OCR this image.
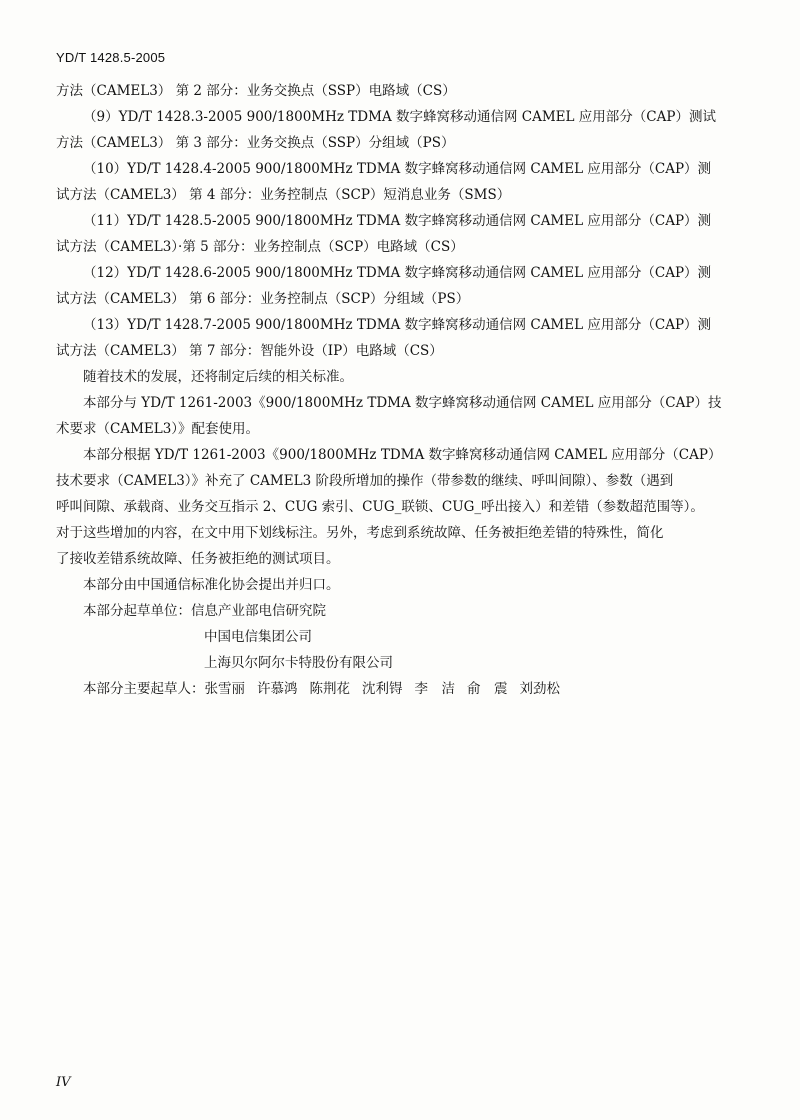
YD/T 1428.5-2005
方法（CAMEL3） 第 2 部分：业务交换点（SSP）电路域（CS）
（9）YD/T 1428.3-2005 900/1800MHz TDMA 数字蜂窝移动通信网 CAMEL 应用部分（CAP）测试
方法（CAMEL3） 第 3 部分：业务交换点（SSP）分组域（PS）
（10）YD/T 1428.4-2005 900/1800MHz TDMA 数字蜂窝移动通信网 CAMEL 应用部分（CAP）测
试方法（CAMEL3） 第 4 部分：业务控制点（SCP）短消息业务（SMS）
（11）YD/T 1428.5-2005 900/1800MHz TDMA 数字蜂窝移动通信网 CAMEL 应用部分（CAP）测
试方法（CAMEL3）·第 5 部分：业务控制点（SCP）电路域（CS）
（12）YD/T 1428.6-2005 900/1800MHz TDMA 数字蜂窝移动通信网 CAMEL 应用部分（CAP）测
试方法（CAMEL3） 第 6 部分：业务控制点（SCP）分组域（PS）
（13）YD/T 1428.7-2005 900/1800MHz TDMA 数字蜂窝移动通信网 CAMEL 应用部分（CAP）测
试方法（CAMEL3） 第 7 部分：智能外设（IP）电路域（CS）
随着技术的发展，还将制定后续的相关标准。
本部分与 YD/T 1261-2003《900/1800MHz TDMA 数字蜂窝移动通信网 CAMEL 应用部分（CAP）技
术要求（CAMEL3）》配套使用。
本部分根据 YD/T 1261-2003《900/1800MHz TDMA 数字蜂窝移动通信网 CAMEL 应用部分（CAP）
技术要求（CAMEL3）》补充了 CAMEL3 阶段所增加的操作（带参数的继续、呼叫间隙）、参数（遇到
呼叫间隙、承载商、业务交互指示 2、CUG 索引、CUG_联锁、CUG_呼出接入）和差错（参数超范围等）。
对于这些增加的内容，在文中用下划线标注。另外，考虑到系统故障、任务被拒绝差错的特殊性，简化
了接收差错系统故障、任务被拒绝的测试项目。
本部分由中国通信标准化协会提出并归口。
本部分起草单位：信息产业部电信研究院
中国电信集团公司
上海贝尔阿尔卡特股份有限公司
本部分主要起草人：张雪丽 许慕鸿 陈荆花 沈利锝 李　洁 俞　震 刘劲松
IV
